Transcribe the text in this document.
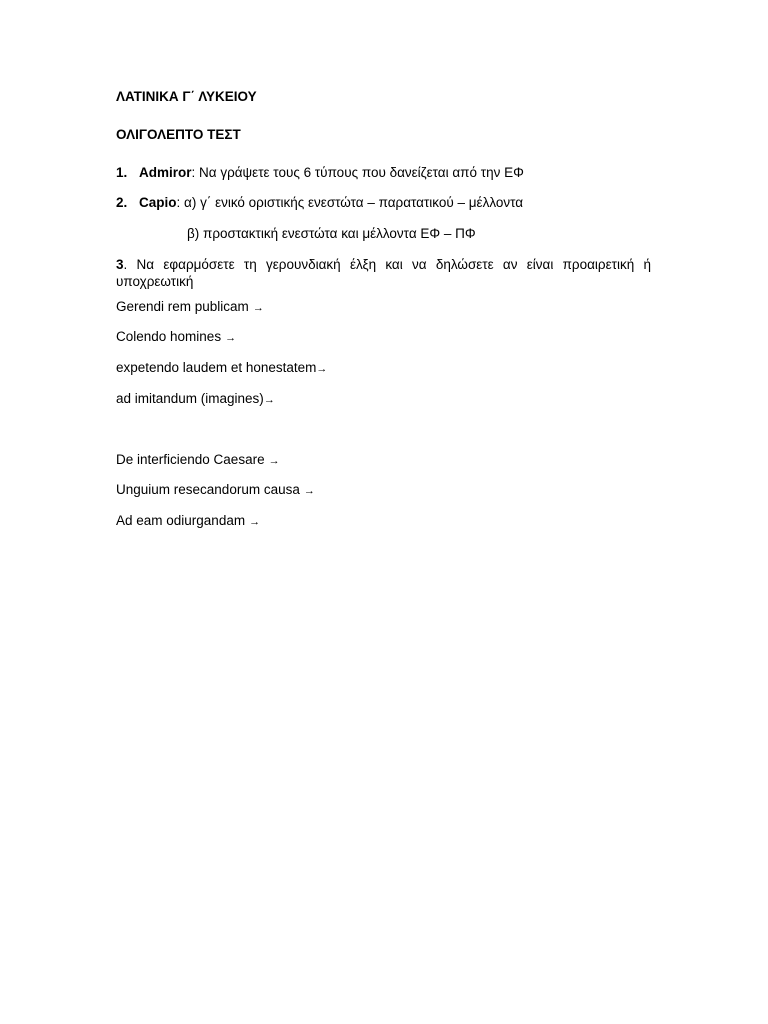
ΛΑΤΙΝΙΚΑ Γ΄ ΛΥΚΕΙΟΥ
ΟΛΙΓΟΛΕΠΤΟ ΤΕΣΤ
1. Admiror: Να γράψετε τους 6 τύπους που δανείζεται από την ΕΦ
2. Capio: α) γ΄ ενικό οριστικής ενεστώτα – παρατατικού – μέλλοντα
β) προστακτική ενεστώτα και μέλλοντα ΕΦ – ΠΦ
3. Να εφαρμόσετε τη γερουνδιακή έλξη και να δηλώσετε αν είναι προαιρετική ή
υποχρεωτική
Gerendi rem publicam →
Colendo homines →
expetendo laudem et honestatem→
ad imitandum (imagines)→
De interficiendo Caesare →
Unguium resecandorum causa →
Ad eam odiurgandam →
